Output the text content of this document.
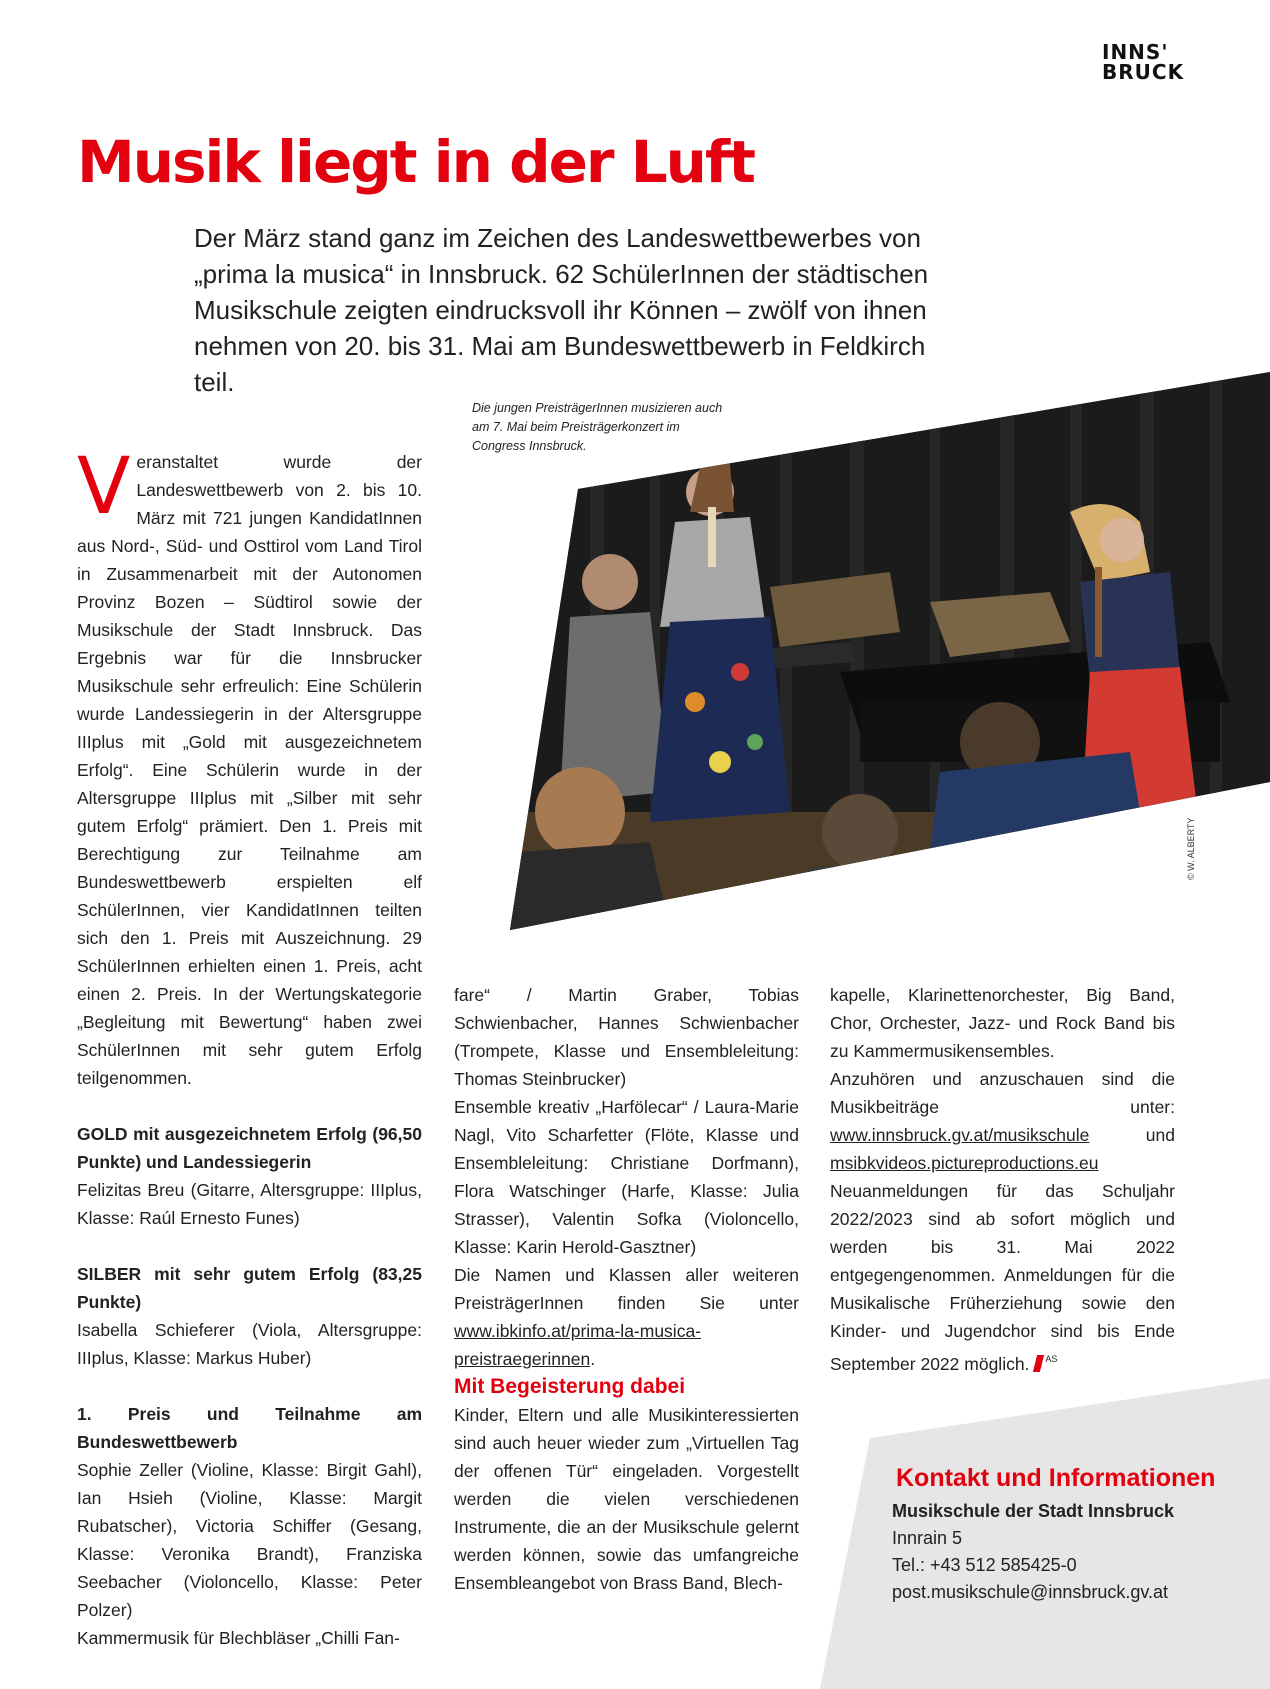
INNS'
BRUCK
Musik liegt in der Luft

Der März stand ganz im Zeichen des Landeswettbewerbes von „prima la musica“ in Innsbruck. 62 SchülerInnen der städtischen Musikschule zeigten eindrucksvoll ihr Können – zwölf von ihnen nehmen von 20. bis 31. Mai am Bundeswettbewerb in Feldkirch teil.

Die jungen PreisträgerInnen musizieren auch am 7. Mai beim Preisträgerkonzert im Congress Innsbruck.

© W. ALBERTY

Veranstaltet wurde der Landeswettbewerb von 2. bis 10. März mit 721 jungen KandidatInnen aus Nord-, Süd- und Osttirol vom Land Tirol in Zusammenarbeit mit der Autonomen Provinz Bozen – Südtirol sowie der Musikschule der Stadt Innsbruck. Das Ergebnis war für die Innsbrucker Musikschule sehr erfreulich: Eine Schülerin wurde Landessiegerin in der Altersgruppe IIIplus mit „Gold mit ausgezeichnetem Erfolg“. Eine Schülerin wurde in der Altersgruppe IIIplus mit „Silber mit sehr gutem Erfolg“ prämiert. Den 1. Preis mit Berechtigung zur Teilnahme am Bundeswettbewerb erspielten elf SchülerInnen, vier KandidatInnen teilten sich den 1. Preis mit Auszeichnung. 29 SchülerInnen erhielten einen 1. Preis, acht einen 2. Preis. In der Wertungskategorie „Begleitung mit Bewertung“ haben zwei SchülerInnen mit sehr gutem Erfolg teilgenommen.

GOLD mit ausgezeichnetem Erfolg (96,50 Punkte) und Landessiegerin

Felizitas Breu (Gitarre, Altersgruppe: IIIplus, Klasse: Raúl Ernesto Funes)

SILBER mit sehr gutem Erfolg (83,25 Punkte)

Isabella Schieferer (Viola, Altersgruppe: IIIplus, Klasse: Markus Huber)

1. Preis und Teilnahme am Bundeswettbewerb

Sophie Zeller (Violine, Klasse: Birgit Gahl), Ian Hsieh (Violine, Klasse: Margit Rubatscher), Victoria Schiffer (Gesang, Klasse: Veronika Brandt), Franziska Seebacher (Violoncello, Klasse: Peter Polzer)

Kammermusik für Blechbläser „Chilli Fan-

fare“ / Martin Graber, Tobias Schwienbacher, Hannes Schwienbacher (Trompete, Klasse und Ensembleleitung: Thomas Steinbrucker)

Ensemble kreativ „Harfölecar“ / Laura-Marie Nagl, Vito Scharfetter (Flöte, Klasse und Ensembleleitung: Christiane Dorfmann), Flora Watschinger (Harfe, Klasse: Julia Strasser), Valentin Sofka (Violoncello, Klasse: Karin Herold-Gasztner)

Die Namen und Klassen aller weiteren PreisträgerInnen finden Sie unter www.ibkinfo.at/prima-la-musica-preistraegerinnen.

Mit Begeisterung dabei

Kinder, Eltern und alle Musikinteressierten sind auch heuer wieder zum „Virtuellen Tag der offenen Tür“ eingeladen. Vorgestellt werden die vielen verschiedenen Instrumente, die an der Musikschule gelernt werden können, sowie das umfangreiche Ensembleangebot von Brass Band, Blech-

kapelle, Klarinettenorchester, Big Band, Chor, Orchester, Jazz- und Rock Band bis zu Kammermusikensembles.

Anzuhören und anzuschauen sind die Musikbeiträge unter: www.innsbruck.gv.at/musikschule	und msibkvideos.pictureproductions.eu

Neuanmeldungen für das Schuljahr 2022/2023 sind ab sofort möglich und werden bis 31. Mai 2022 entgegengenommen. Anmeldungen für die Musikalische Früherziehung sowie den Kinder- und Jugendchor sind bis Ende September 2022 möglich. $^{AS}$

Kontakt und Informationen
Musikschule der Stadt Innsbruck
Innrain 5
Tel.: +43 512 585425-0
post.musikschule@innsbruck.gv.at
